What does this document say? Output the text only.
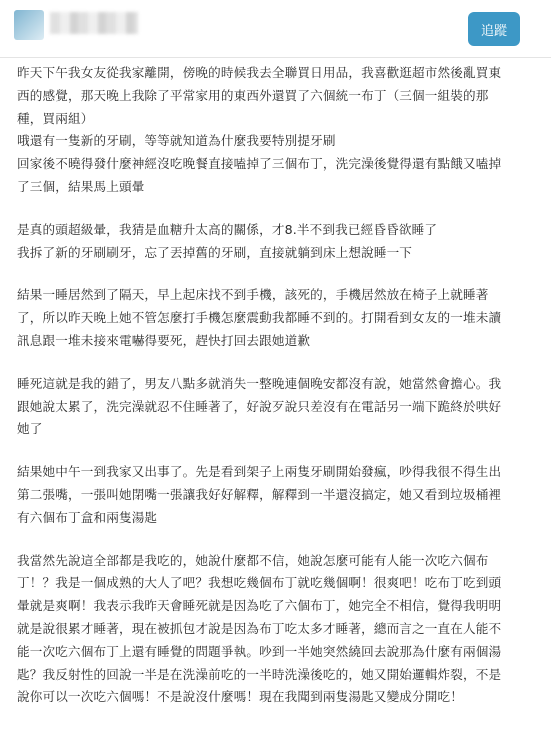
追蹤
昨天下午我女友從我家離開，傍晚的時候我去全聯買日用品，我喜歡逛超市然後亂買東
西的感覺，那天晚上我除了平常家用的東西外還買了六個統一布丁（三個一組裝的那
種，買兩組）
哦還有一隻新的牙刷，等等就知道為什麼我要特別提牙刷
回家後不曉得發什麼神經沒吃晚餐直接嗑掉了三個布丁，洗完澡後覺得還有點餓又嗑掉
了三個，結果馬上頭暈
是真的頭超級暈，我猜是血糖升太高的關係，才8.半不到我已經昏昏欲睡了
我拆了新的牙刷刷牙，忘了丟掉舊的牙刷，直接就躺到床上想說睡一下
結果一睡居然到了隔天，早上起床找不到手機，該死的，手機居然放在椅子上就睡著
了，所以昨天晚上她不管怎麼打手機怎麼震動我都睡不到的。打開看到女友的一堆未讀
訊息跟一堆未接來電嚇得要死，趕快打回去跟她道歉
睡死這就是我的錯了，男友八點多就消失一整晚連個晚安都沒有說，她當然會擔心。我
跟她說太累了，洗完澡就忍不住睡著了，好說歹說只差沒有在電話另一端下跪終於哄好
她了
結果她中午一到我家又出事了。先是看到架子上兩隻牙刷開始發瘋，吵得我很不得生出
第二張嘴，一張叫她閉嘴一張讓我好好解釋，解釋到一半還沒搞定，她又看到垃圾桶裡
有六個布丁盒和兩隻湯匙
我當然先說這全部都是我吃的，她說什麼都不信，她說怎麼可能有人能一次吃六個布
丁！？我是一個成熟的大人了吧？我想吃幾個布丁就吃幾個啊！很爽吧！吃布丁吃到頭
暈就是爽啊！我表示我昨天會睡死就是因為吃了六個布丁，她完全不相信，覺得我明明
就是說很累才睡著，現在被抓包才說是因為布丁吃太多才睡著，總而言之一直在人能不
能一次吃六個布丁上還有睡覺的問題爭執。吵到一半她突然繞回去說那為什麼有兩個湯
匙？我反射性的回說一半是在洗澡前吃的一半時洗澡後吃的，她又開始邏輯炸裂，不是
說你可以一次吃六個嗎！不是說沒什麼嗎！現在我聞到兩隻湯匙又變成分開吃！
